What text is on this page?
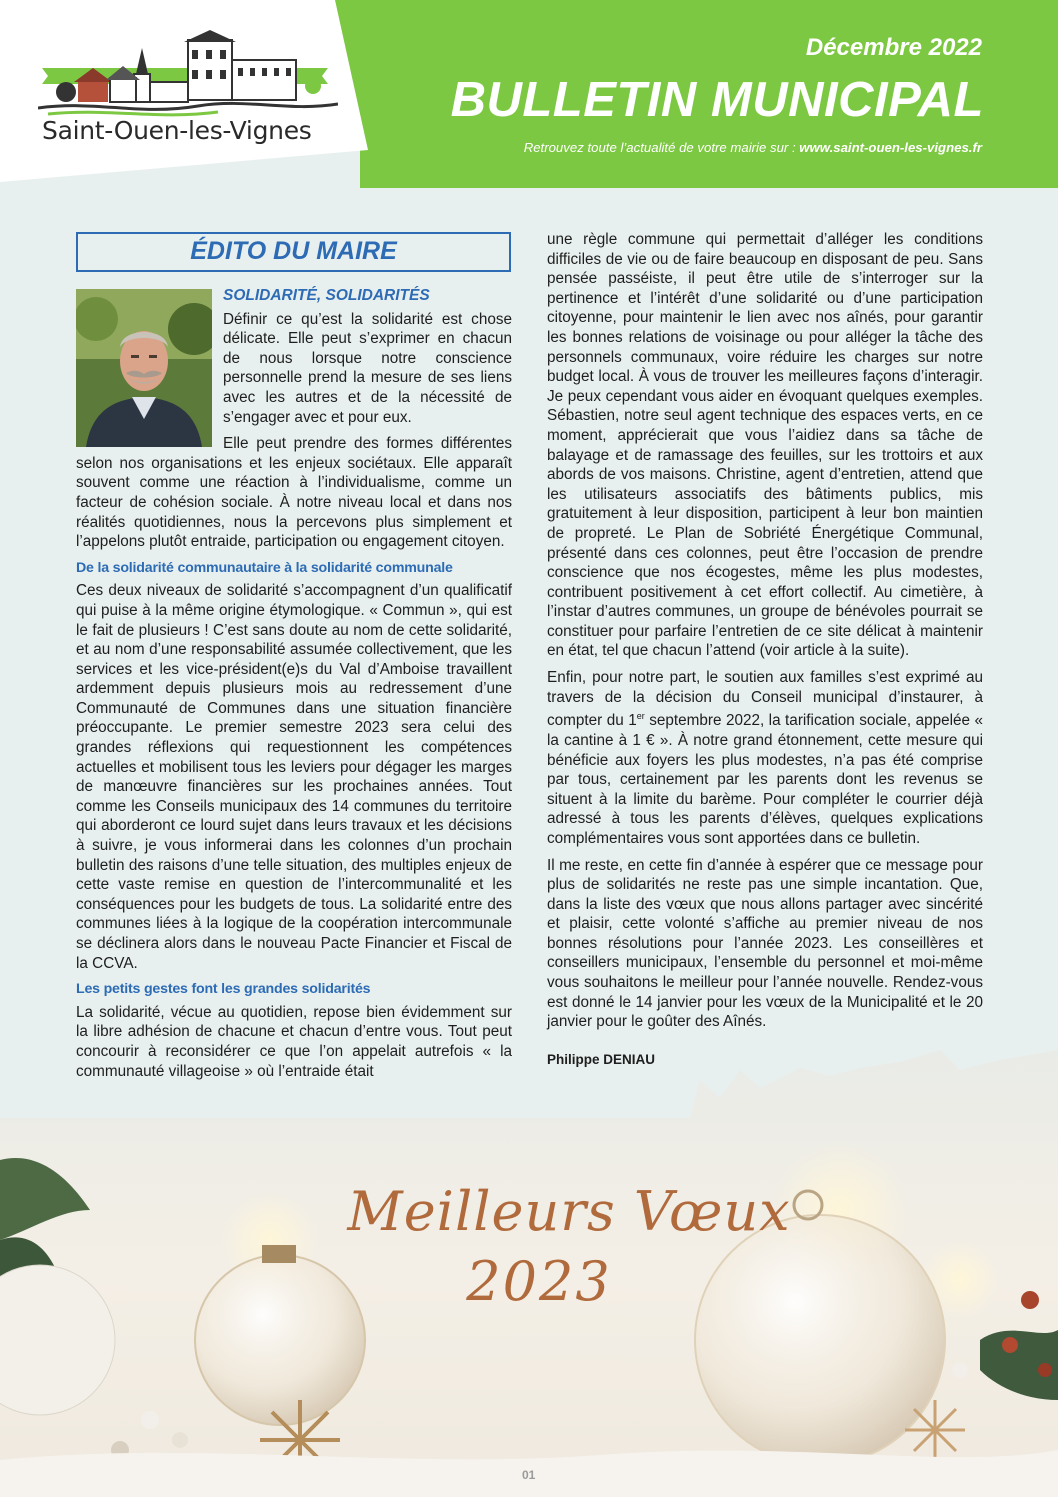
Saint-Ouen-les-Vignes
Décembre 2022
BULLETIN MUNICIPAL
Retrouvez toute l’actualité de votre mairie sur : www.saint-ouen-les-vignes.fr
ÉDITO DU MAIRE
SOLIDARITÉ, SOLIDARITÉS

Définir ce qu’est la solidarité est chose délicate. Elle peut s’exprimer en chacun de nous lorsque notre conscience personnelle prend la mesure de ses liens avec les autres et de la nécessité de s’engager avec et pour eux.

Elle peut prendre des formes différentes selon nos organisations et les enjeux sociétaux. Elle apparaît souvent comme une réaction à l’individualisme, comme un facteur de cohésion sociale. À notre niveau local et dans nos réalités quotidiennes, nous la percevons plus simplement et l’appelons plutôt entraide, participation ou engagement citoyen.

De la solidarité communautaire à la solidarité communale

Ces deux niveaux de solidarité s’accompagnent d’un qualificatif qui puise à la même origine étymologique. « Commun », qui est le fait de plusieurs ! C’est sans doute au nom de cette solidarité, et au nom d’une responsabilité assumée collectivement, que les services et les vice-président(e)s du Val d’Amboise travaillent ardemment depuis plusieurs mois au redressement d’une Communauté de Communes dans une situation financière préoccupante. Le premier semestre 2023 sera celui des grandes réflexions qui requestionnent les compétences actuelles et mobilisent tous les leviers pour dégager les marges de manœuvre financières sur les prochaines années. Tout comme les Conseils municipaux des 14 communes du territoire qui aborderont ce lourd sujet dans leurs travaux et les décisions à suivre, je vous informerai dans les colonnes d’un prochain bulletin des raisons d’une telle situation, des multiples enjeux de cette vaste remise en question de l’intercommunalité et les conséquences pour les budgets de tous. La solidarité entre des communes liées à la logique de la coopération intercommunale se déclinera alors dans le nouveau Pacte Financier et Fiscal de la CCVA.

Les petits gestes font les grandes solidarités

La solidarité, vécue au quotidien, repose bien évidemment sur la libre adhésion de chacune et chacun d’entre vous. Tout peut concourir à reconsidérer ce que l’on appelait autrefois « la communauté villageoise » où l’entraide était

une règle commune qui permettait d’alléger les conditions difficiles de vie ou de faire beaucoup en disposant de peu. Sans pensée passéiste, il peut être utile de s’interroger sur la pertinence et l’intérêt d’une solidarité ou d’une participation citoyenne, pour maintenir le lien avec nos aînés, pour garantir les bonnes relations de voisinage ou pour alléger la tâche des personnels communaux, voire réduire les charges sur notre budget local. À vous de trouver les meilleures façons d’interagir. Je peux cependant vous aider en évoquant quelques exemples. Sébastien, notre seul agent technique des espaces verts, en ce moment, apprécierait que vous l’aidiez dans sa tâche de balayage et de ramassage des feuilles, sur les trottoirs et aux abords de vos maisons. Christine, agent d’entretien, attend que les utilisateurs associatifs des bâtiments publics, mis gratuitement à leur disposition, participent à leur bon maintien de propreté. Le Plan de Sobriété Énergétique Communal, présenté dans ces colonnes, peut être l’occasion de prendre conscience que nos écogestes, même les plus modestes, contribuent positivement à cet effort collectif. Au cimetière, à l’instar d’autres communes, un groupe de bénévoles pourrait se constituer pour parfaire l’entretien de ce site délicat à maintenir en état, tel que chacun l’attend (voir article à la suite).

Enfin, pour notre part, le soutien aux familles s’est exprimé au travers de la décision du Conseil municipal d’instaurer, à compter du 1er septembre 2022, la tarification sociale, appelée « la cantine à 1 € ». À notre grand étonnement, cette mesure qui bénéficie aux foyers les plus modestes, n’a pas été comprise par tous, certainement par les parents dont les revenus se situent à la limite du barème. Pour compléter le courrier déjà adressé à tous les parents d’élèves, quelques explications complémentaires vous sont apportées dans ce bulletin.

Il me reste, en cette fin d’année à espérer que ce message pour plus de solidarités ne reste pas une simple incantation. Que, dans la liste des vœux que nous allons partager avec sincérité et plaisir, cette volonté s’affiche au premier niveau de nos bonnes résolutions pour l’année 2023. Les conseillères et conseillers municipaux, l’ensemble du personnel et moi-même vous souhaitons le meilleur pour l’année nouvelle. Rendez-vous est donné le 14 janvier pour les vœux de la Municipalité et le 20 janvier pour le goûter des Aînés.

Philippe DENIAU
Meilleurs Vœux
2023
01
